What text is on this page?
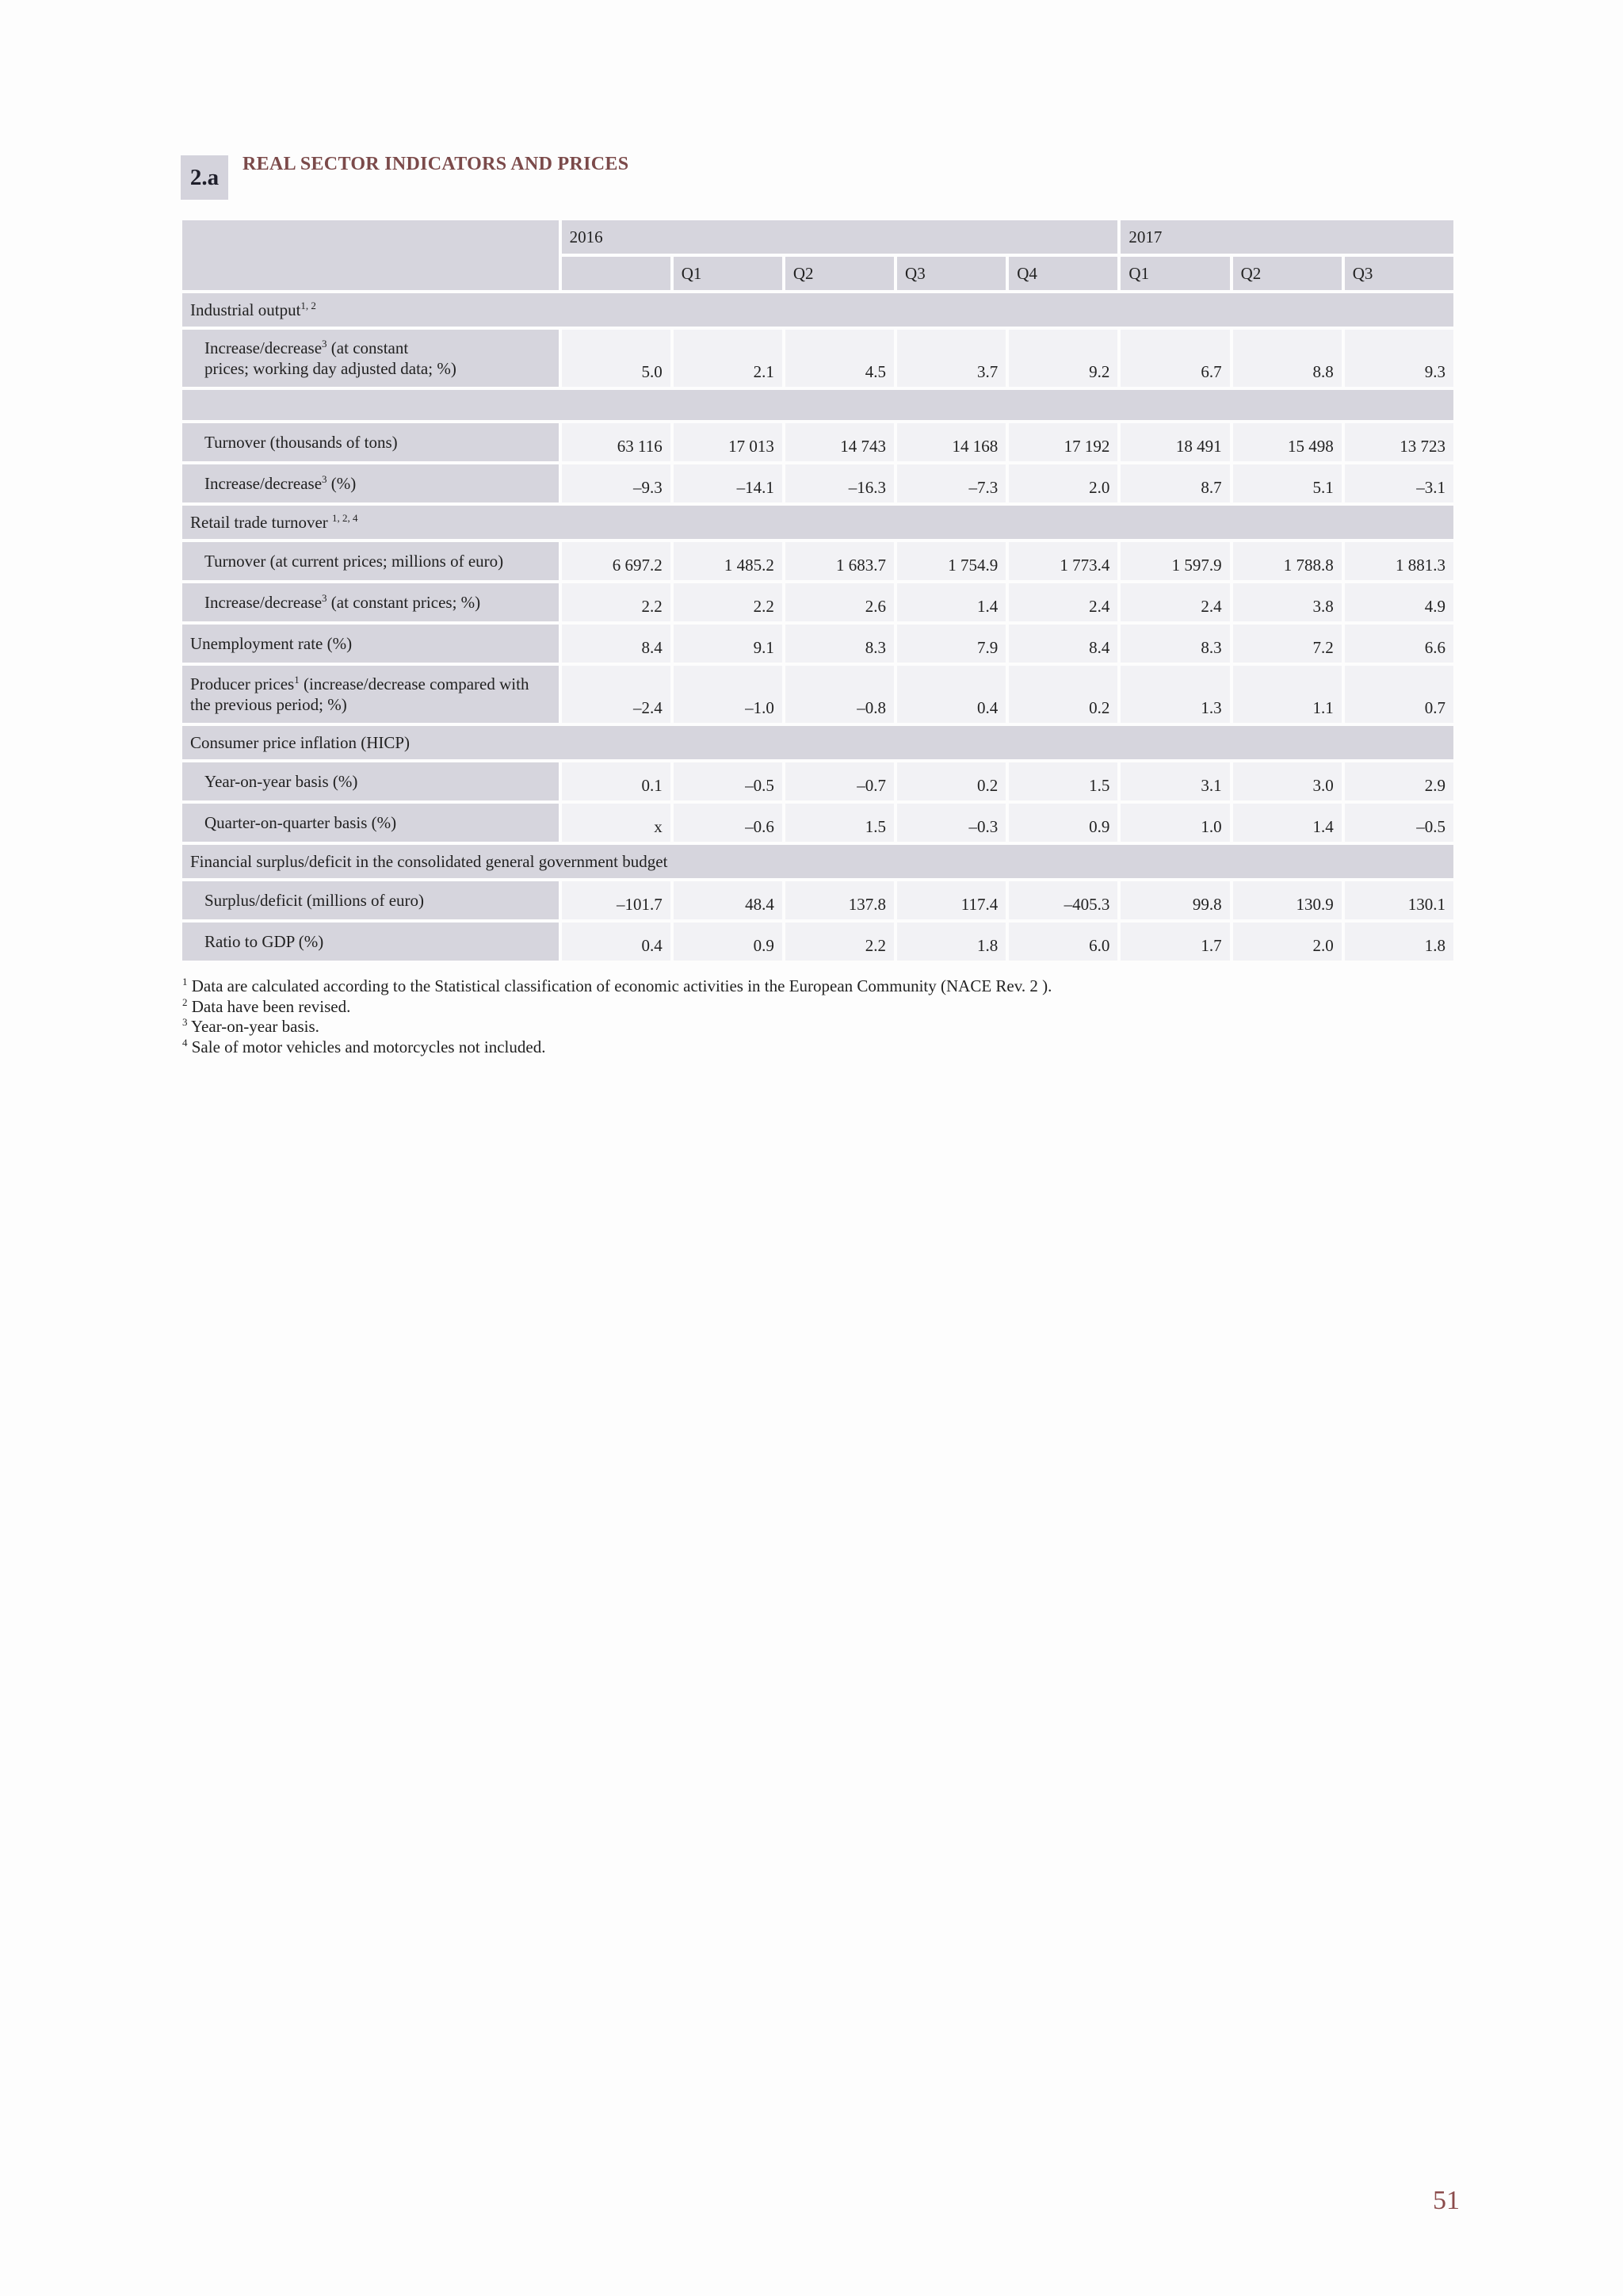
2.a
REAL SECTOR INDICATORS AND PRICES
	2016					2017		
		Q1	Q2	Q3	Q4	Q1	Q2	Q3
Industrial output$^{1, 2}$
Increase/decrease$^3$ (at constant
prices; working day adjusted data; %)	5.0	2.1	4.5	3.7	9.2	6.7	8.8	9.3

Turnover (thousands of tons)	63 116	17 013	14 743	14 168	17 192	18 491	15 498	13 723
Increase/decrease$^3$ (%)	–9.3	–14.1	–16.3	–7.3	2.0	8.7	5.1	–3.1
Retail trade turnover $^{1, 2, 4}$
Turnover (at current prices; millions of euro)	6 697.2	1 485.2	1 683.7	1 754.9	1 773.4	1 597.9	1 788.8	1 881.3
Increase/decrease$^3$ (at constant prices; %)	2.2	2.2	2.6	1.4	2.4	2.4	3.8	4.9
Unemployment rate (%)	8.4	9.1	8.3	7.9	8.4	8.3	7.2	6.6
Producer prices$^1$ (increase/decrease compared with
the previous period; %)	–2.4	–1.0	–0.8	0.4	0.2	1.3	1.1	0.7
Consumer price inflation (HICP)								
Year-on-year basis (%)	0.1	–0.5	–0.7	0.2	1.5	3.1	3.0	2.9
Quarter-on-quarter basis (%)	x	–0.6	1.5	–0.3	0.9	1.0	1.4	–0.5
Financial surplus/deficit in the consolidated general government budget								
Surplus/deficit (millions of euro)	–101.7	48.4	137.8	117.4	–405.3	99.8	130.9	130.1
Ratio to GDP (%)	0.4	0.9	2.2	1.8	6.0	1.7	2.0	1.8
$^1$ Data are calculated according to the Statistical classification of economic activities in the European Community (NACE Rev. 2 ).
$^2$ Data have been revised.
$^3$ Year-on-year basis.
$^4$ Sale of motor vehicles and motorcycles not included.
51
